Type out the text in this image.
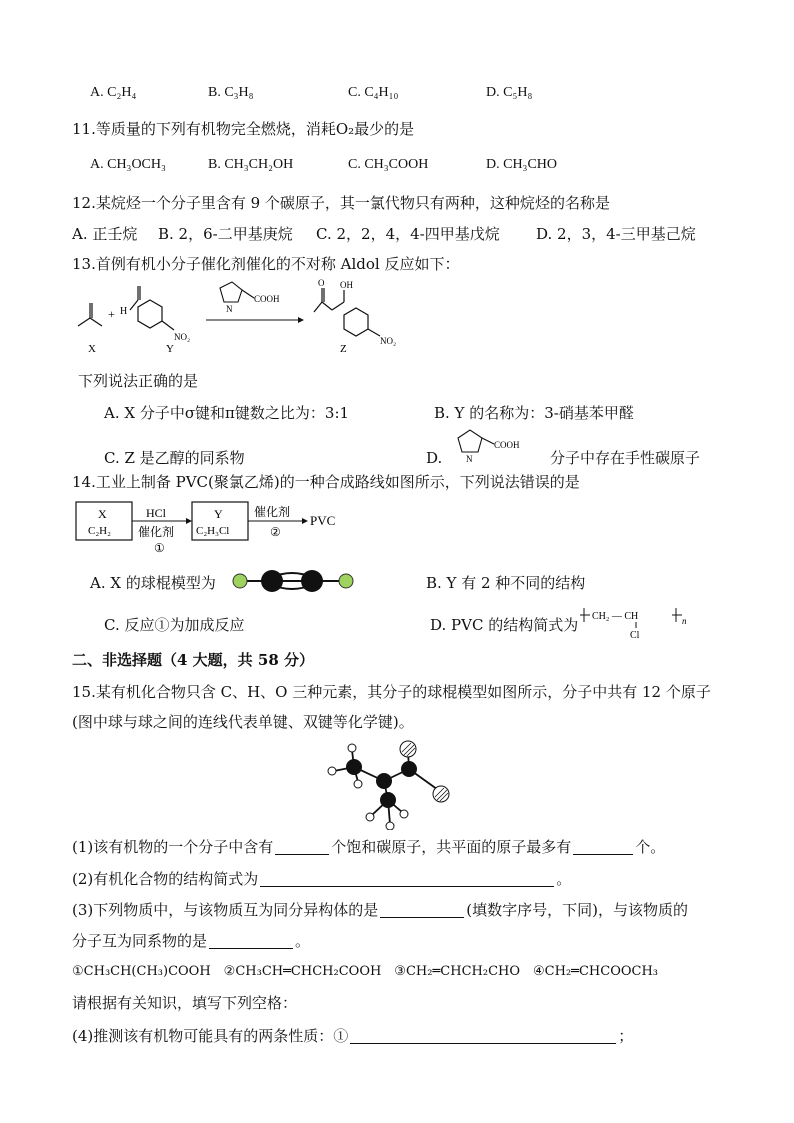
A. C₂H₄	B. C₃H₈	C. C₄H₁₀	D. C₅H₈
11.等质量的下列有机物完全燃烧，消耗O₂最少的是
A. CH₃OCH₃	B. CH₃CH₂OH	C. CH₃COOH	D. CH₃CHO
12.某烷烃一个分子里含有 9 个碳原子，其一氯代物只有两种，这种烷烃的名称是
A. 正壬烷 B. 2，6-二甲基庚烷 C. 2，2，4，4-四甲基戊烷 D. 2，3，4-三甲基己烷
13.首例有机小分子催化剂催化的不对称 Aldol 反应如下：
X
+ H
NO₂
Y
N
COOH
O OH
NO₂
Z
下列说法正确的是
A. X 分子中σ键和π键数之比为：3:1	B. Y 的名称为：3-硝基苯甲醛
C. Z 是乙醇的同系物	D.	N
COOH
分子中存在手性碳原子
14.工业上制备 PVC(聚氯乙烯)的一种合成路线如图所示，下列说法错误的是
X
C₂H₂
HCl
催化剂
①
Y
C₂H₃Cl
催化剂
②
PVC
A. X 的球棍模型为	B. Y 有 2 种不同的结构
C. 反应①为加成反应	D. PVC 的结构简式为 CH₂ — CH	n
Cl
二、非选择题（4 大题，共 58 分）
15.某有机化合物只含 C、H、O 三种元素，其分子的球棍模型如图所示，分子中共有 12 个原子
(图中球与球之间的连线代表单键、双键等化学键)。
(1)该有机物的一个分子中含有	个饱和碳原子，共平面的原子最多有	个。
(2)有机化合物的结构简式为	。
(3)下列物质中，与该物质互为同分异构体的是	(填数字序号，下同)，与该物质的
分子互为同系物的是	。
①CH₃CH(CH₃)COOH　②CH₃CH═CHCH₂COOH　③CH₂═CHCH₂CHO　④CH₂═CHCOOCH₃
请根据有关知识，填写下列空格：
(4)推测该有机物可能具有的两条性质：①	；
